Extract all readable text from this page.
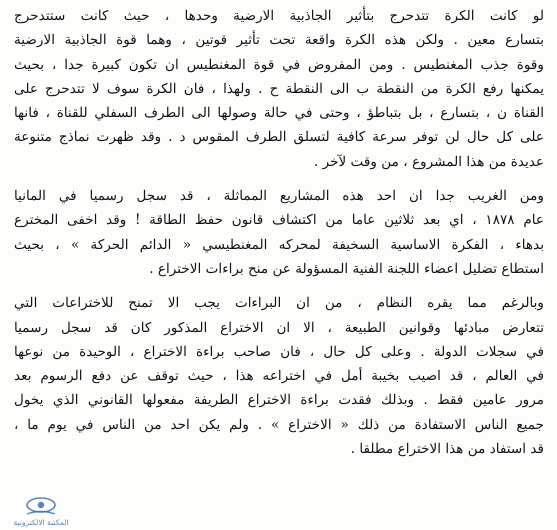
لو كانت الكرة تتدحرج بتأثير الجاذبية الارضية وحدها ، حيث كانت ستتدحرج
بتسارع معين . ولكن هذه الكرة واقعة تحت تأثير قوتين ، وهما قوة الجاذبية الارضية
وقوة جذب المغنطيس . ومن المفروض في قوة المغنطيس ان تكون كبيرة جدا ، بحيث
يمكنها رفع الكرة من النقطة ب الى النقطة ح . ولهذا ، فان الكرة سوف لا تتدحرج على
القناة ن ، بتسارع ، بل بتباطؤ ، وحتى في حالة وصولها الى الطرف السفلي للقناة ، فانها
على كل حال لن توفر سرعة كافية لتسلق الطرف المقوس د . وقد ظهرت نماذج متنوعة
عديدة من هذا المشروع ، من وقت لآخر .
ومن الغريب جدا ان احد هذه المشاريع المماثلة ، قد سجل رسميا في المانيا
عام ١٨٧٨ ، اي بعد ثلاثين عاما من اكتشاف قانون حفظ الطاقة ! وقد اخفى المخترع
بدهاء ، الفكرة الاساسية السخيفة لمحركه المغنطيسي « الدائم الحركة » ، بحيث
استطاع تضليل اعضاء اللجنة الفنية المسؤولة عن منح براءات الاختراع .
وبالرغم مما يقره النظام ، من ان البراءات يجب الا تمنح للاختراعات التي
تتعارض مبادئها وقوانين الطبيعة ، الا ان الاختراع المذكور كان قد سجل رسميا
في سجلات الدولة . وعلى كل حال ، فان صاحب براءة الاختراع ، الوحيدة من نوعها
في العالم ، قد اصيب بخيبة أمل في اختراعه هذا ، حيث توقف عن دفع الرسوم بعد
مرور عامين فقط . وبذلك فقدت براءة الاختراع الطريفة مفعولها القانوني الذي يخول
جميع الناس الاستفادة من ذلك « الاختراع » . ولم يكن احد من الناس في يوم ما ،
قد استفاد من هذا الاختراع مطلقا .
المكتبة الالكترونية
